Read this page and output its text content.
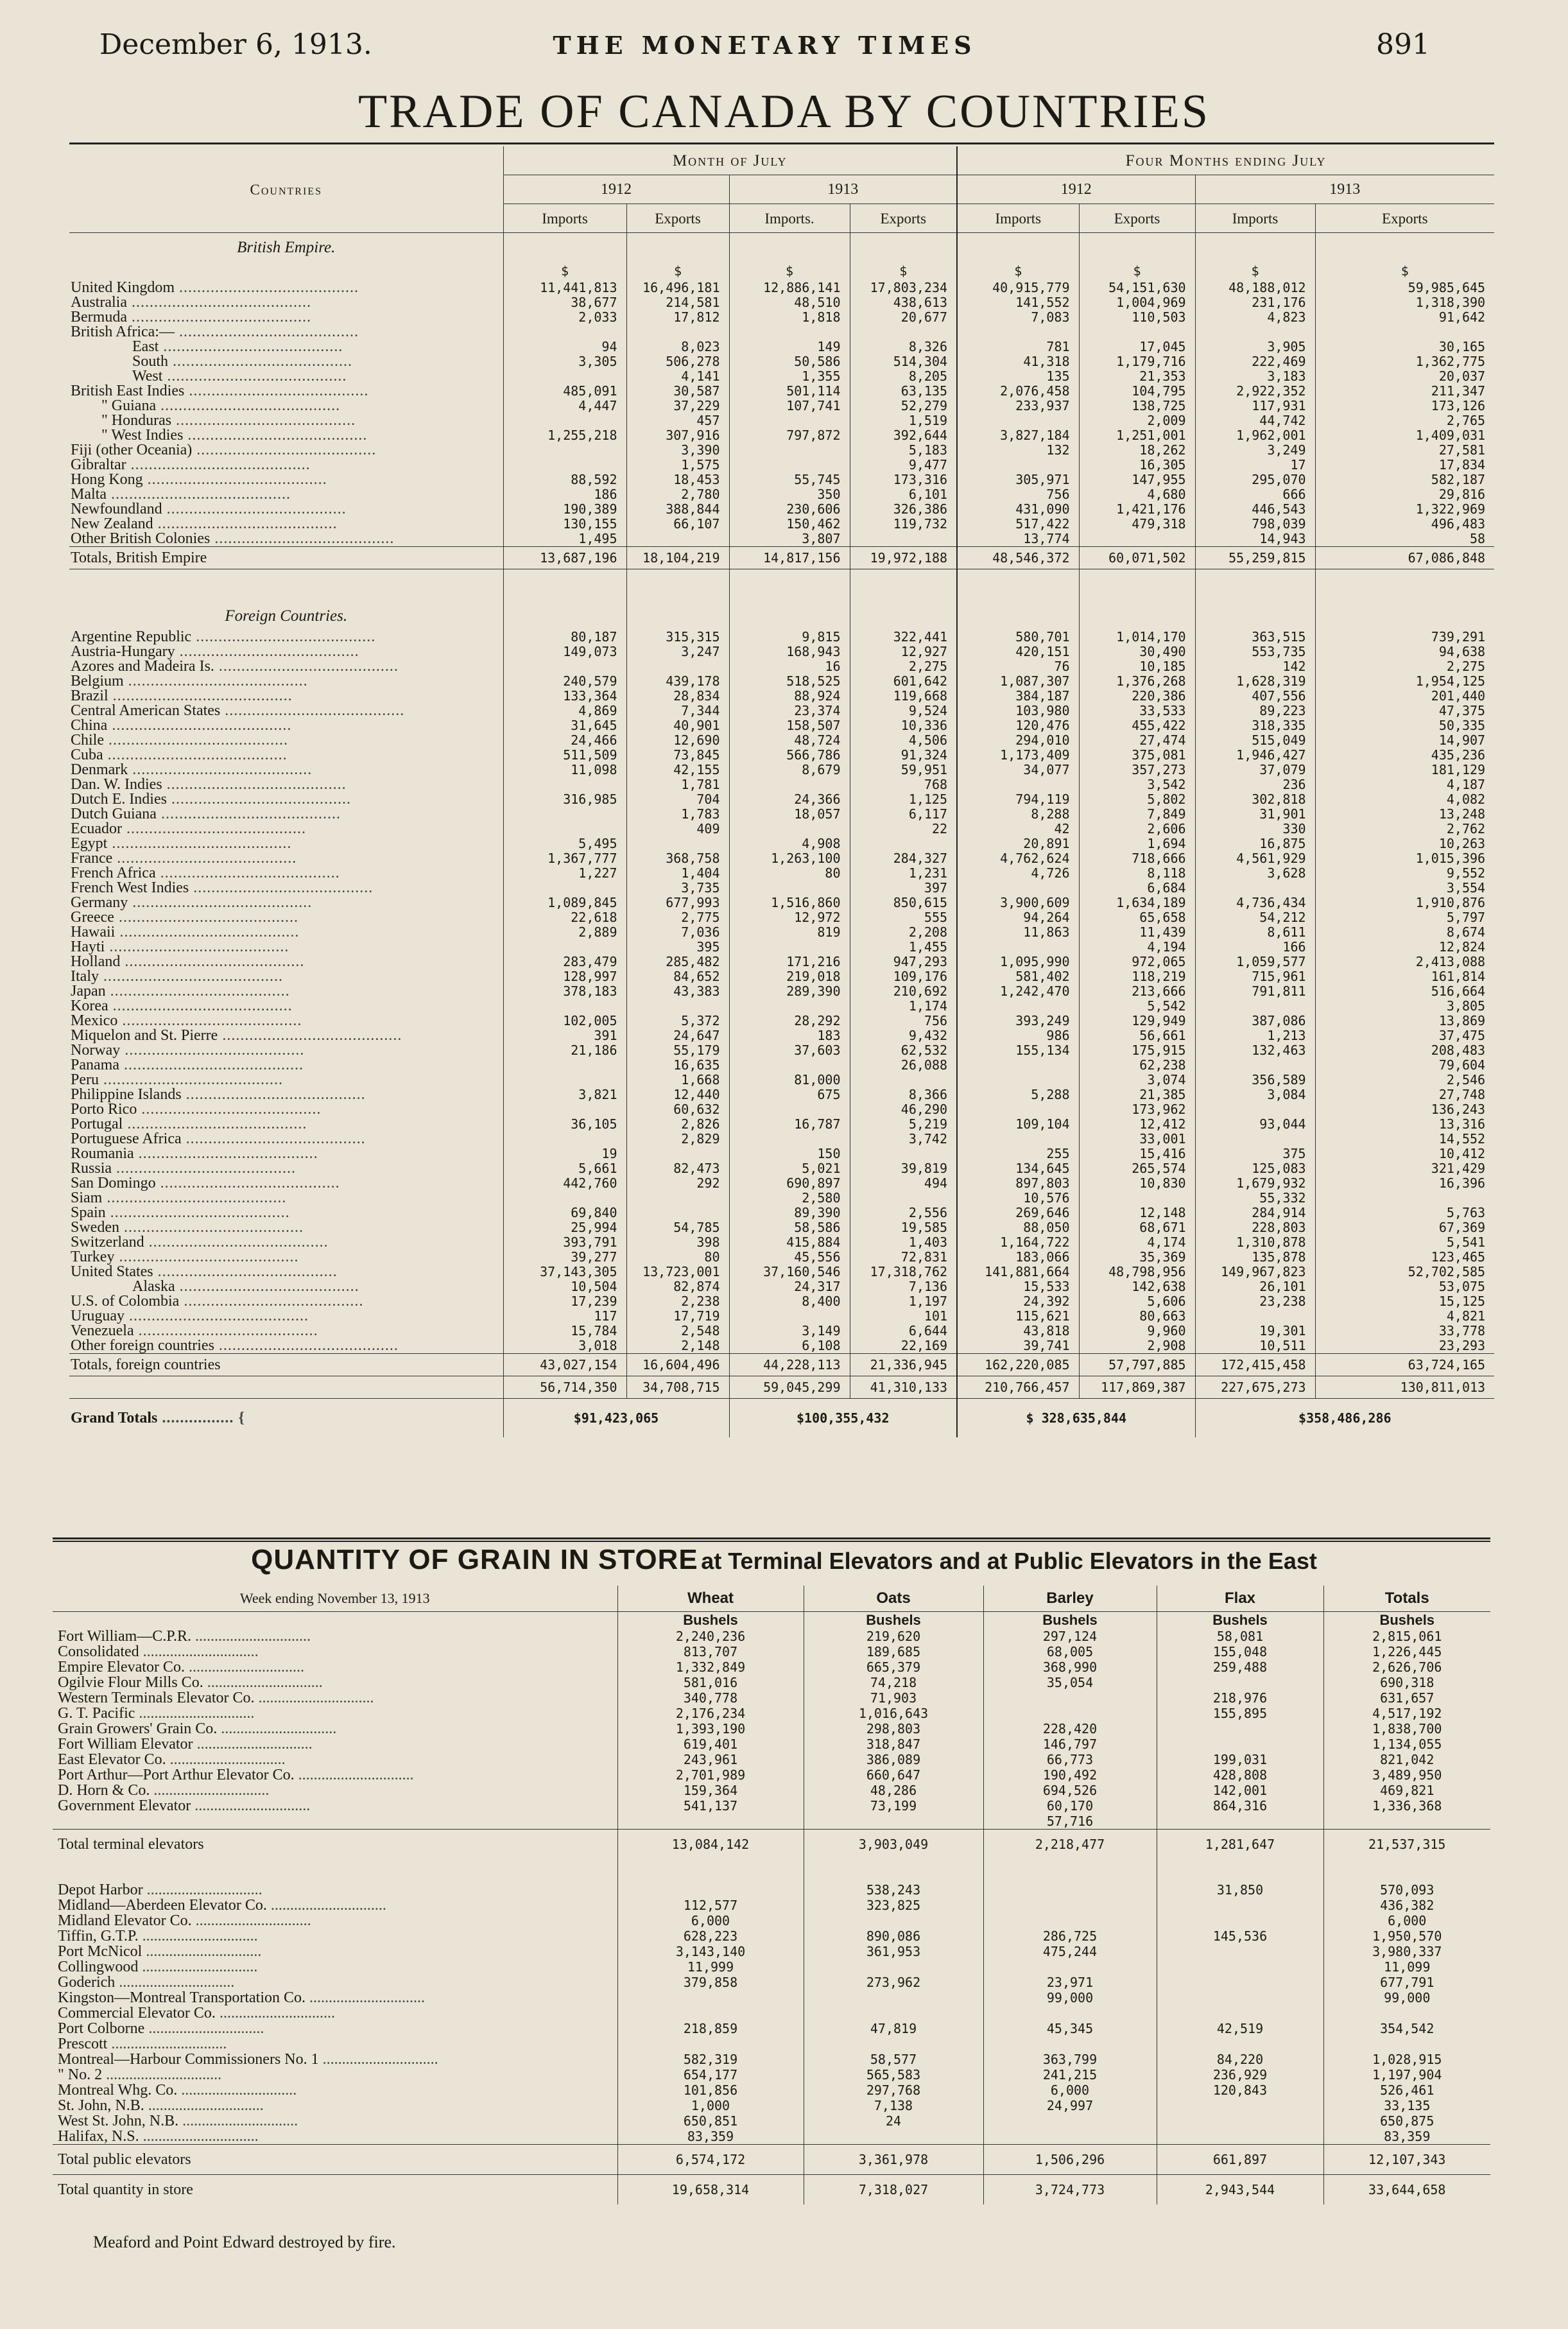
December 6, 1913.	THE MONETARY TIMES	891
TRADE OF CANADA BY COUNTRIES
Countries	Month of July				Four Months ending July			
	1912		1913		1912		1913	
	Imports	Exports	Imports.	Exports	Imports	Exports	Imports	Exports
British Empire.								
	$	$	$	$	$	$	$	$
United Kingdom ........................................	11,441,813	16,496,181	12,886,141	17,803,234	40,915,779	54,151,630	48,188,012	59,985,645
Australia ........................................	38,677	214,581	48,510	438,613	141,552	1,004,969	231,176	1,318,390
Bermuda ........................................	2,033	17,812	1,818	20,677	7,083	110,503	4,823	91,642
British Africa:— ........................................								
East ........................................	94	8,023	149	8,326	781	17,045	3,905	30,165
South ........................................	3,305	506,278	50,586	514,304	41,318	1,179,716	222,469	1,362,775
West ........................................		4,141	1,355	8,205	135	21,353	3,183	20,037
British East Indies ........................................	485,091	30,587	501,114	63,135	2,076,458	104,795	2,922,352	211,347
" Guiana ........................................	4,447	37,229	107,741	52,279	233,937	138,725	117,931	173,126
" Honduras ........................................		457		1,519		2,009	44,742	2,765
" West Indies ........................................	1,255,218	307,916	797,872	392,644	3,827,184	1,251,001	1,962,001	1,409,031
Fiji (other Oceania) ........................................		3,390		5,183	132	18,262	3,249	27,581
Gibraltar ........................................		1,575		9,477		16,305	17	17,834
Hong Kong ........................................	88,592	18,453	55,745	173,316	305,971	147,955	295,070	582,187
Malta ........................................	186	2,780	350	6,101	756	4,680	666	29,816
Newfoundland ........................................	190,389	388,844	230,606	326,386	431,090	1,421,176	446,543	1,322,969
New Zealand ........................................	130,155	66,107	150,462	119,732	517,422	479,318	798,039	496,483
Other British Colonies ........................................	1,495		3,807		13,774		14,943	58
Totals, British Empire	13,687,196	18,104,219	14,817,156	19,972,188	48,546,372	60,071,502	55,259,815	67,086,848

Foreign Countries.								
Argentine Republic ........................................	80,187	315,315	9,815	322,441	580,701	1,014,170	363,515	739,291
Austria-Hungary ........................................	149,073	3,247	168,943	12,927	420,151	30,490	553,735	94,638
Azores and Madeira Is. ........................................			16	2,275	76	10,185	142	2,275
Belgium ........................................	240,579	439,178	518,525	601,642	1,087,307	1,376,268	1,628,319	1,954,125
Brazil ........................................	133,364	28,834	88,924	119,668	384,187	220,386	407,556	201,440
Central American States ........................................	4,869	7,344	23,374	9,524	103,980	33,533	89,223	47,375
China ........................................	31,645	40,901	158,507	10,336	120,476	455,422	318,335	50,335
Chile ........................................	24,466	12,690	48,724	4,506	294,010	27,474	515,049	14,907
Cuba ........................................	511,509	73,845	566,786	91,324	1,173,409	375,081	1,946,427	435,236
Denmark ........................................	11,098	42,155	8,679	59,951	34,077	357,273	37,079	181,129
Dan. W. Indies ........................................		1,781		768		3,542	236	4,187
Dutch E. Indies ........................................	316,985	704	24,366	1,125	794,119	5,802	302,818	4,082
Dutch Guiana ........................................		1,783	18,057	6,117	8,288	7,849	31,901	13,248
Ecuador ........................................		409		22	42	2,606	330	2,762
Egypt ........................................	5,495		4,908		20,891	1,694	16,875	10,263
France ........................................	1,367,777	368,758	1,263,100	284,327	4,762,624	718,666	4,561,929	1,015,396
French Africa ........................................	1,227	1,404	80	1,231	4,726	8,118	3,628	9,552
French West Indies ........................................		3,735		397		6,684		3,554
Germany ........................................	1,089,845	677,993	1,516,860	850,615	3,900,609	1,634,189	4,736,434	1,910,876
Greece ........................................	22,618	2,775	12,972	555	94,264	65,658	54,212	5,797
Hawaii ........................................	2,889	7,036	819	2,208	11,863	11,439	8,611	8,674
Hayti ........................................		395		1,455		4,194	166	12,824
Holland ........................................	283,479	285,482	171,216	947,293	1,095,990	972,065	1,059,577	2,413,088
Italy ........................................	128,997	84,652	219,018	109,176	581,402	118,219	715,961	161,814
Japan ........................................	378,183	43,383	289,390	210,692	1,242,470	213,666	791,811	516,664
Korea ........................................				1,174		5,542		3,805
Mexico ........................................	102,005	5,372	28,292	756	393,249	129,949	387,086	13,869
Miquelon and St. Pierre ........................................	391	24,647	183	9,432	986	56,661	1,213	37,475
Norway ........................................	21,186	55,179	37,603	62,532	155,134	175,915	132,463	208,483
Panama ........................................		16,635		26,088		62,238		79,604
Peru ........................................		1,668	81,000			3,074	356,589	2,546
Philippine Islands ........................................	3,821	12,440	675	8,366	5,288	21,385	3,084	27,748
Porto Rico ........................................		60,632		46,290		173,962		136,243
Portugal ........................................	36,105	2,826	16,787	5,219	109,104	12,412	93,044	13,316
Portuguese Africa ........................................		2,829		3,742		33,001		14,552
Roumania ........................................	19		150		255	15,416	375	10,412
Russia ........................................	5,661	82,473	5,021	39,819	134,645	265,574	125,083	321,429
San Domingo ........................................	442,760	292	690,897	494	897,803	10,830	1,679,932	16,396
Siam ........................................			2,580		10,576		55,332	
Spain ........................................	69,840		89,390	2,556	269,646	12,148	284,914	5,763
Sweden ........................................	25,994	54,785	58,586	19,585	88,050	68,671	228,803	67,369
Switzerland ........................................	393,791	398	415,884	1,403	1,164,722	4,174	1,310,878	5,541
Turkey ........................................	39,277	80	45,556	72,831	183,066	35,369	135,878	123,465
United States ........................................	37,143,305	13,723,001	37,160,546	17,318,762	141,881,664	48,798,956	149,967,823	52,702,585
Alaska ........................................	10,504	82,874	24,317	7,136	15,533	142,638	26,101	53,075
U.S. of Colombia ........................................	17,239	2,238	8,400	1,197	24,392	5,606	23,238	15,125
Uruguay ........................................	117	17,719		101	115,621	80,663		4,821
Venezuela ........................................	15,784	2,548	3,149	6,644	43,818	9,960	19,301	33,778
Other foreign countries ........................................	3,018	2,148	6,108	22,169	39,741	2,908	10,511	23,293
Totals, foreign countries	43,027,154	16,604,496	44,228,113	21,336,945	162,220,085	57,797,885	172,415,458	63,724,165
	56,714,350	34,708,715	59,045,299	41,310,133	210,766,457	117,869,387	227,675,273	130,811,013
Grand Totals ................ {	$91,423,065		$100,355,432		$ 328,635,844		$358,486,286	
QUANTITY OF GRAIN IN STORE at Terminal Elevators and at Public Elevators in the East
Week ending November 13, 1913	Wheat	Oats	Barley	Flax	Totals
	Bushels	Bushels	Bushels	Bushels	Bushels
Fort William—C.P.R. ..............................	2,240,236	219,620	297,124	58,081	2,815,061
Consolidated ..............................	813,707	189,685	68,005	155,048	1,226,445
Empire Elevator Co. ..............................	1,332,849	665,379	368,990	259,488	2,626,706
Ogilvie Flour Mills Co. ..............................	581,016	74,218	35,054		690,318
Western Terminals Elevator Co. ..............................	340,778	71,903		218,976	631,657
G. T. Pacific ..............................	2,176,234	1,016,643		155,895	4,517,192
Grain Growers' Grain Co. ..............................	1,393,190	298,803	228,420		1,838,700
Fort William Elevator ..............................	619,401	318,847	146,797		1,134,055
East Elevator Co. ..............................	243,961	386,089	66,773	199,031	821,042
Port Arthur—Port Arthur Elevator Co. ..............................	2,701,989	660,647	190,492	428,808	3,489,950
D. Horn & Co. ..............................	159,364	48,286	694,526	142,001	469,821
Government Elevator ..............................	541,137	73,199	60,170	864,316	1,336,368
			57,716		
Total terminal elevators	13,084,142	3,903,049	2,218,477	1,281,647	21,537,315

Depot Harbor ..............................		538,243		31,850	570,093
Midland—Aberdeen Elevator Co. ..............................	112,577	323,825			436,382
Midland Elevator Co. ..............................	6,000				6,000
Tiffin, G.T.P. ..............................	628,223	890,086	286,725	145,536	1,950,570
Port McNicol ..............................	3,143,140	361,953	475,244		3,980,337
Collingwood ..............................	11,999				11,099
Goderich ..............................	379,858	273,962	23,971		677,791
Kingston—Montreal Transportation Co. ..............................			99,000		99,000
Commercial Elevator Co. ..............................					
Port Colborne ..............................	218,859	47,819	45,345	42,519	354,542
Prescott ..............................					
Montreal—Harbour Commissioners No. 1 ..............................	582,319	58,577	363,799	84,220	1,028,915
" No. 2 ..............................	654,177	565,583	241,215	236,929	1,197,904
Montreal Whg. Co. ..............................	101,856	297,768	6,000	120,843	526,461
St. John, N.B. ..............................	1,000	7,138	24,997		33,135
West St. John, N.B. ..............................	650,851	24			650,875
Halifax, N.S. ..............................	83,359				83,359
Total public elevators	6,574,172	3,361,978	1,506,296	661,897	12,107,343
Total quantity in store	19,658,314	7,318,027	3,724,773	2,943,544	33,644,658
Meaford and Point Edward destroyed by fire.
